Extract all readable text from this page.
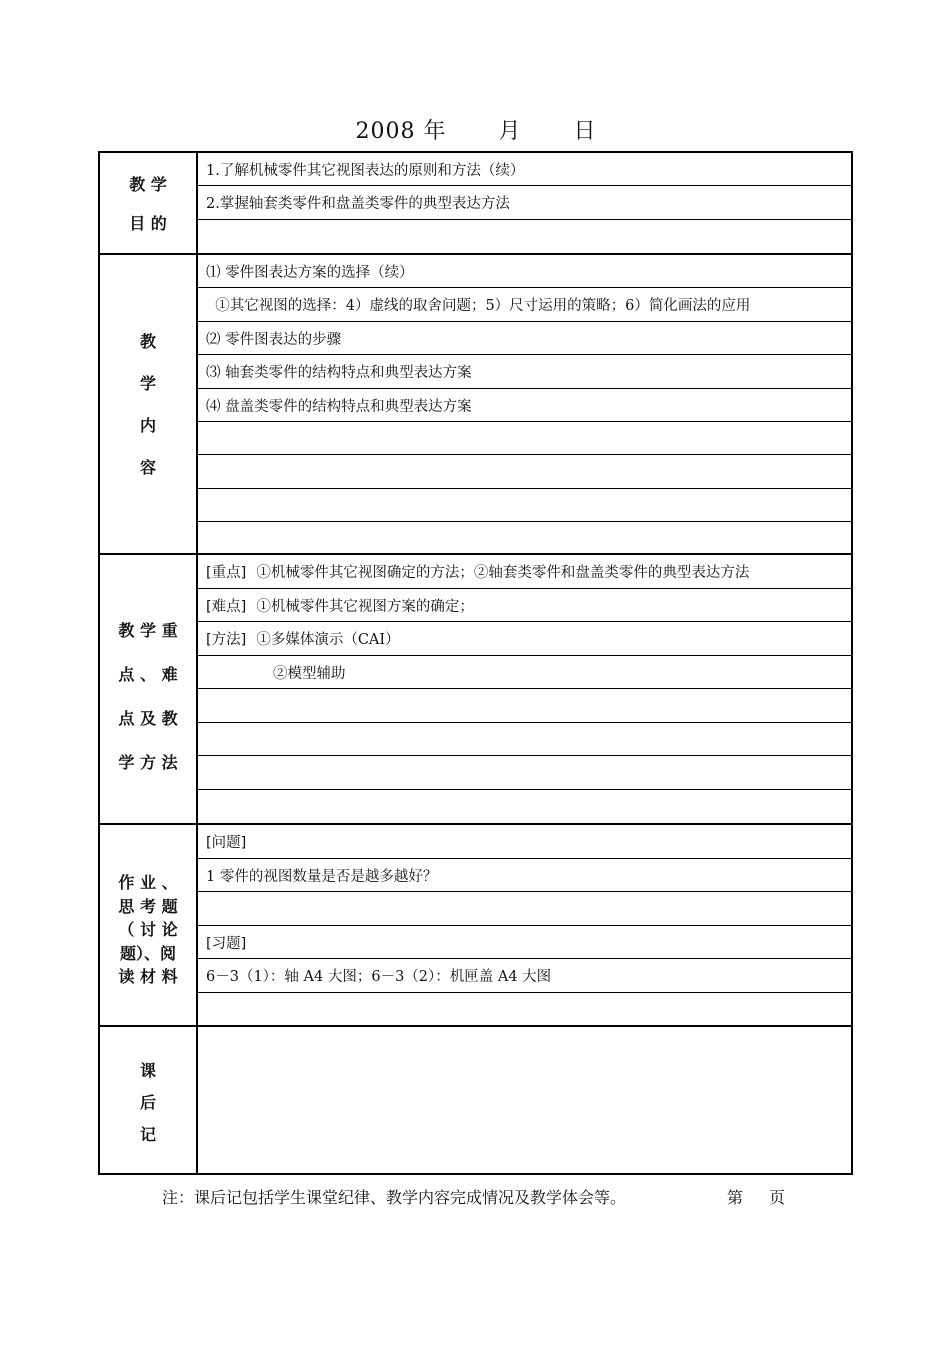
2008 年 月 日
教 学
目 的
1.了解机械零件其它视图表达的原则和方法（续）
2.掌握轴套类零件和盘盖类零件的典型表达方法
教
学
内
容
⑴ 零件图表达方案的选择（续）
①其它视图的选择：4）虚线的取舍问题；5）尺寸运用的策略；6）简化画法的应用
⑵ 零件图表达的步骤
⑶ 轴套类零件的结构特点和典型表达方案
⑷ 盘盖类零件的结构特点和典型表达方案
教 学 重
点 、 难
点 及 教
学 方 法
[重点] ①机械零件其它视图确定的方法；②轴套类零件和盘盖类零件的典型表达方法
[难点] ①机械零件其它视图方案的确定；
[方法] ①多媒体演示（CAI）
②模型辅助
作 业 、
思 考 题
（ 讨 论
题）、阅
读 材 料
[问题]
1 零件的视图数量是否是越多越好？
[习题]
6－3（1）：轴 A4 大图；6－3（2）：机匣盖 A4 大图
课
后
记
注：课后记包括学生课堂纪律、教学内容完成情况及教学体会等。	第 页
